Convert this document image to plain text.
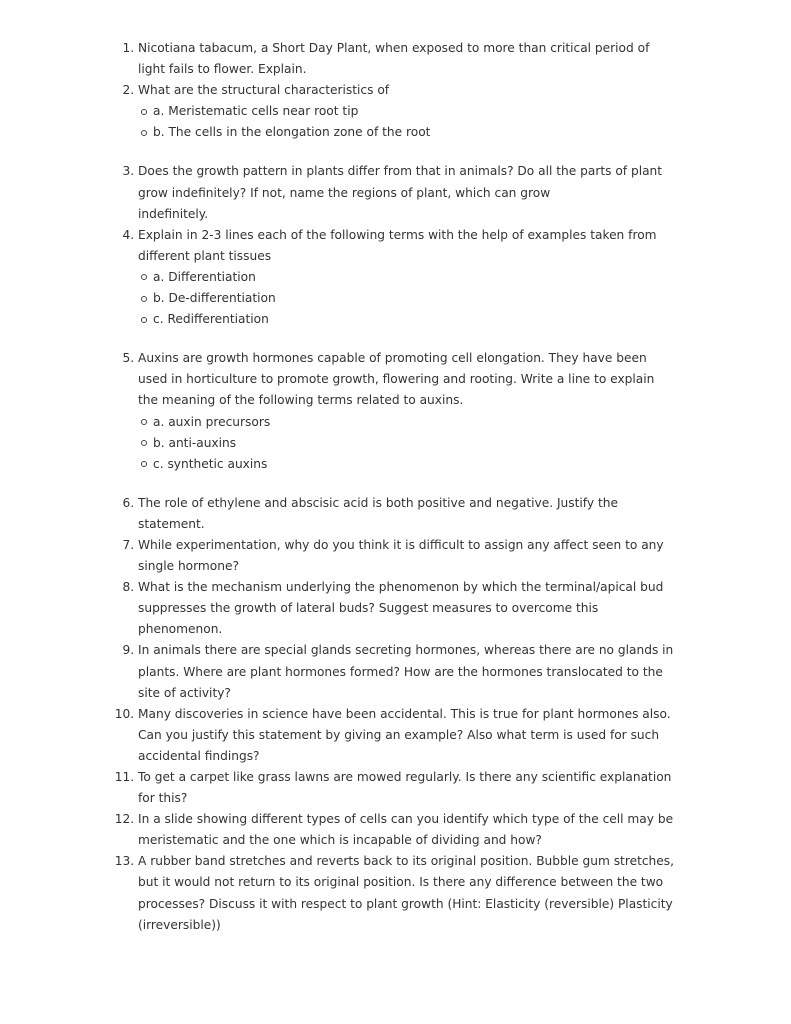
1. Nicotiana tabacum, a Short Day Plant, when exposed to more than critical period of light fails to flower. Explain.
2. What are the structural characteristics of
a. Meristematic cells near root tip
b. The cells in the elongation zone of the root
3. Does the growth pattern in plants differ from that in animals? Do all the parts of plant grow indefinitely? If not, name the regions of plant, which can grow
indefinitely.
4. Explain in 2-3 lines each of the following terms with the help of examples taken from different plant tissues
a. Differentiation
b. De-differentiation
c. Redifferentiation
5. Auxins are growth hormones capable of promoting cell elongation. They have been used in horticulture to promote growth, flowering and rooting. Write a line to explain the meaning of the following terms related to auxins.
a. auxin precursors
b. anti-auxins
c. synthetic auxins
6. The role of ethylene and abscisic acid is both positive and negative. Justify the statement.
7. While experimentation, why do you think it is difficult to assign any affect seen to any single hormone?
8. What is the mechanism underlying the phenomenon by which the terminal/apical bud suppresses the growth of lateral buds? Suggest measures to overcome this phenomenon.
9. In animals there are special glands secreting hormones, whereas there are no glands in plants. Where are plant hormones formed? How are the hormones translocated to the site of activity?
10. Many discoveries in science have been accidental. This is true for plant hormones also. Can you justify this statement by giving an example? Also what term is used for such accidental findings?
11. To get a carpet like grass lawns are mowed regularly. Is there any scientific explanation for this?
12. In a slide showing different types of cells can you identify which type of the cell may be meristematic and the one which is incapable of dividing and how?
13. A rubber band stretches and reverts back to its original position. Bubble gum stretches, but it would not return to its original position. Is there any difference between the two processes? Discuss it with respect to plant growth (Hint: Elasticity (reversible) Plasticity (irreversible))
